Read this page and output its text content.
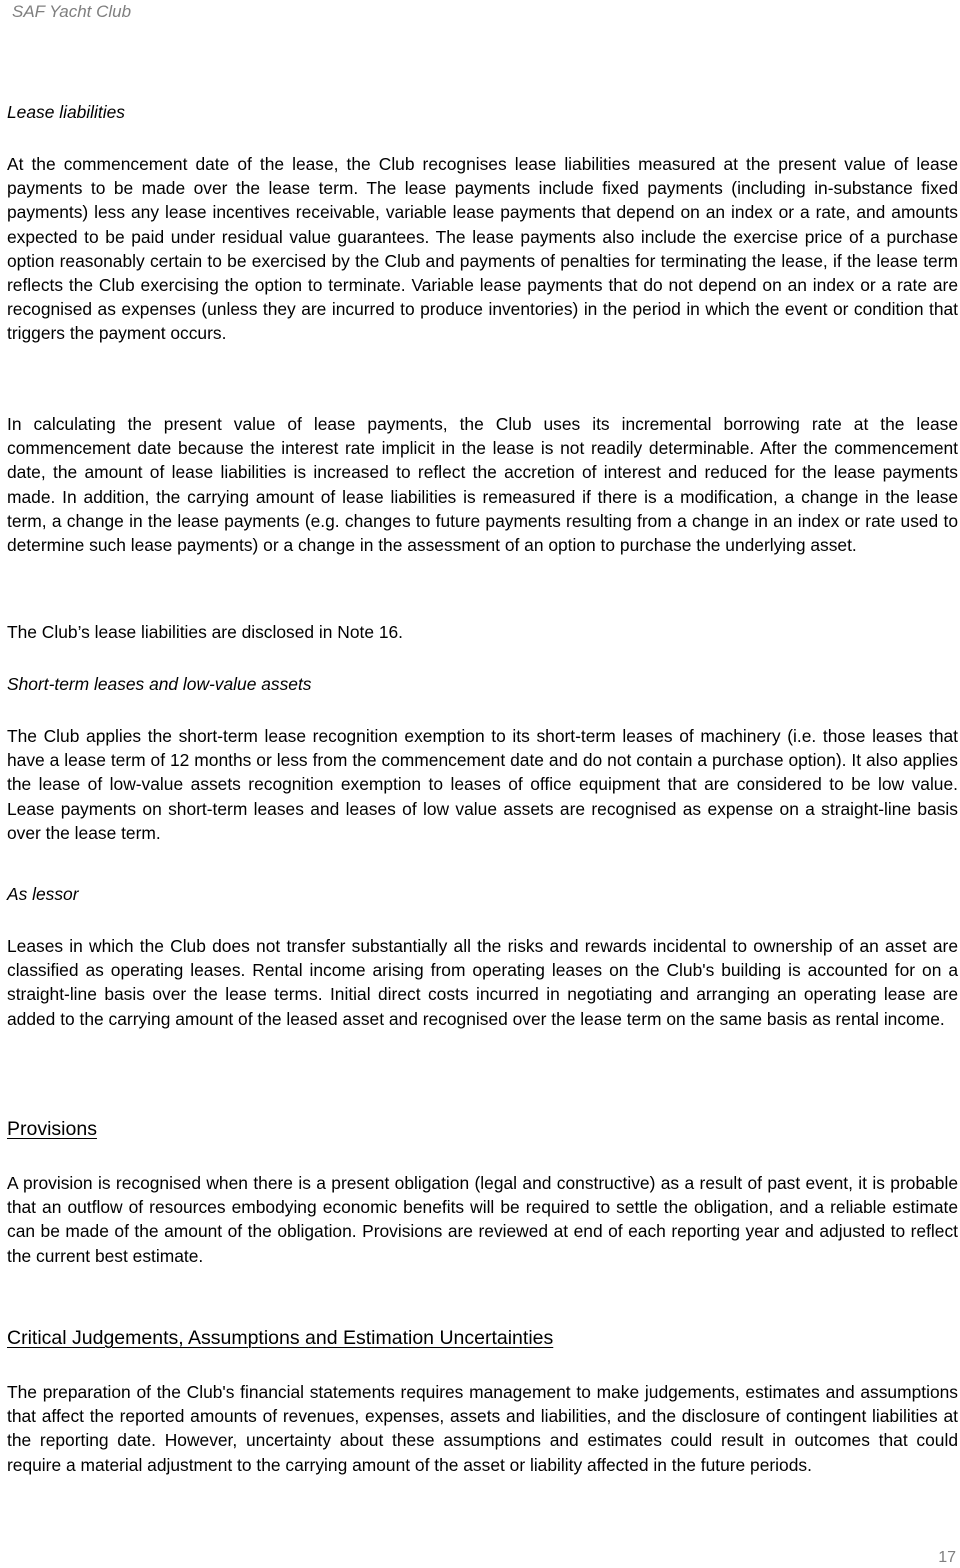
SAF Yacht Club

Lease liabilities

At the commencement date of the lease, the Club recognises lease liabilities measured at the present value of lease payments to be made over the lease term. The lease payments include fixed payments (including in-substance fixed payments) less any lease incentives receivable, variable lease payments that depend on an index or a rate, and amounts expected to be paid under residual value guarantees. The lease payments also include the exercise price of a purchase option reasonably certain to be exercised by the Club and payments of penalties for terminating the lease, if the lease term reflects the Club exercising the option to terminate. Variable lease payments that do not depend on an index or a rate are recognised as expenses (unless they are incurred to produce inventories) in the period in which the event or condition that triggers the payment occurs.

In calculating the present value of lease payments, the Club uses its incremental borrowing rate at the lease commencement date because the interest rate implicit in the lease is not readily determinable. After the commencement date, the amount of lease liabilities is increased to reflect the accretion of interest and reduced for the lease payments made. In addition, the carrying amount of lease liabilities is remeasured if there is a modification, a change in the lease term, a change in the lease payments (e.g. changes to future payments resulting from a change in an index or rate used to determine such lease payments) or a change in the assessment of an option to purchase the underlying asset.

The Club’s lease liabilities are disclosed in Note 16.

Short-term leases and low-value assets

The Club applies the short-term lease recognition exemption to its short-term leases of machinery (i.e. those leases that have a lease term of 12 months or less from the commencement date and do not contain a purchase option). It also applies the lease of low-value assets recognition exemption to leases of office equipment that are considered to be low value. Lease payments on short-term leases and leases of low value assets are recognised as expense on a straight-line basis over the lease term.

As lessor

Leases in which the Club does not transfer substantially all the risks and rewards incidental to ownership of an asset are classified as operating leases. Rental income arising from operating leases on the Club's building is accounted for on a straight-line basis over the lease terms. Initial direct costs incurred in negotiating and arranging an operating lease are added to the carrying amount of the leased asset and recognised over the lease term on the same basis as rental income.

Provisions

A provision is recognised when there is a present obligation (legal and constructive) as a result of past event, it is probable that an outflow of resources embodying economic benefits will be required to settle the obligation, and a reliable estimate can be made of the amount of the obligation. Provisions are reviewed at end of each reporting year and adjusted to reflect the current best estimate.

Critical Judgements, Assumptions and Estimation Uncertainties

The preparation of the Club's financial statements requires management to make judgements, estimates and assumptions that affect the reported amounts of revenues, expenses, assets and liabilities, and the disclosure of contingent liabilities at the reporting date. However, uncertainty about these assumptions and estimates could result in outcomes that could require a material adjustment to the carrying amount of the asset or liability affected in the future periods.

17
